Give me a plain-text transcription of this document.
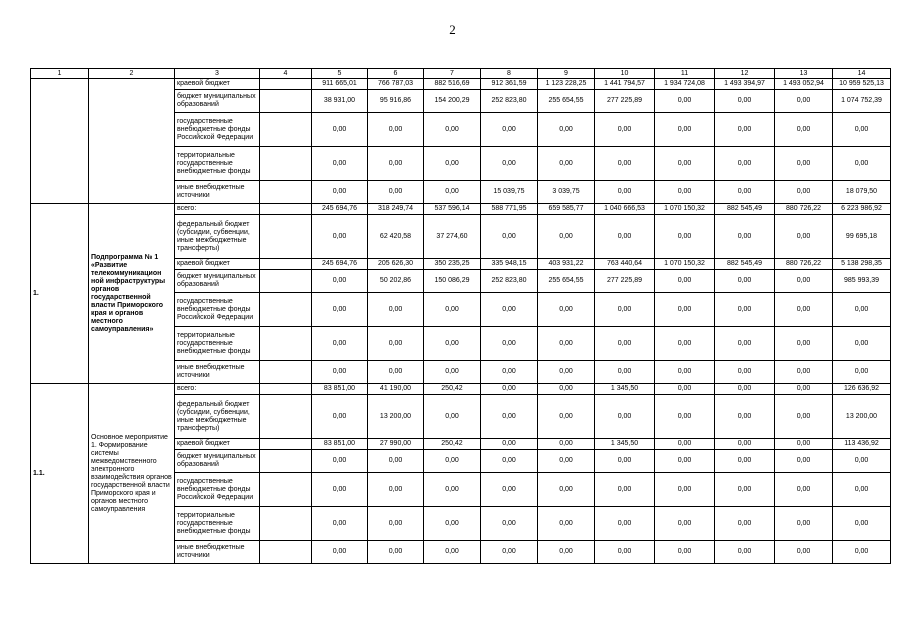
2
1	2	3	4	5	6	7	8	9	10	11	12	13	14
		краевой бюджет		911 665,01	766 787,03	882 516,69	912 361,59	1 123 228,25	1 441 794,57	1 934 724,08	1 493 394,97	1 493 052,94	10 959 525,13
		бюджет муниципальных образований		38 931,00	95 916,86	154 200,29	252 823,80	255 654,55	277 225,89	0,00	0,00	0,00	1 074 752,39
		государственные внебюджетные фонды Российской Федерации		0,00	0,00	0,00	0,00	0,00	0,00	0,00	0,00	0,00	0,00
		территориальные государственные внебюджетные фонды		0,00	0,00	0,00	0,00	0,00	0,00	0,00	0,00	0,00	0,00
		иные внебюджетные источники		0,00	0,00	0,00	15 039,75	3 039,75	0,00	0,00	0,00	0,00	18 079,50
1.	Подпрограмма № 1 «Развитие телекоммуникацион ной инфраструктуры органов государственной власти Приморского края и органов местного самоуправления»	всего:		245 694,76	318 249,74	537 596,14	588 771,95	659 585,77	1 040 666,53	1 070 150,32	882 545,49	880 726,22	6 223 986,92
		федеральный бюджет (субсидии, субвенции, иные межбюджетные трансферты)		0,00	62 420,58	37 274,60	0,00	0,00	0,00	0,00	0,00	0,00	99 695,18
		краевой бюджет		245 694,76	205 626,30	350 235,25	335 948,15	403 931,22	763 440,64	1 070 150,32	882 545,49	880 726,22	5 138 298,35
		бюджет муниципальных образований		0,00	50 202,86	150 086,29	252 823,80	255 654,55	277 225,89	0,00	0,00	0,00	985 993,39
		государственные внебюджетные фонды Российской Федерации		0,00	0,00	0,00	0,00	0,00	0,00	0,00	0,00	0,00	0,00
		территориальные государственные внебюджетные фонды		0,00	0,00	0,00	0,00	0,00	0,00	0,00	0,00	0,00	0,00
		иные внебюджетные источники		0,00	0,00	0,00	0,00	0,00	0,00	0,00	0,00	0,00	0,00
1.1.	Основное мероприятие 1. Формирование системы межведомственного электронного взаимодействия органов государственной власти Приморского края и органов местного самоуправления	всего:		83 851,00	41 190,00	250,42	0,00	0,00	1 345,50	0,00	0,00	0,00	126 636,92
		федеральный бюджет (субсидии, субвенции, иные межбюджетные трансферты)		0,00	13 200,00	0,00	0,00	0,00	0,00	0,00	0,00	0,00	13 200,00
		краевой бюджет		83 851,00	27 990,00	250,42	0,00	0,00	1 345,50	0,00	0,00	0,00	113 436,92
		бюджет муниципальных образований		0,00	0,00	0,00	0,00	0,00	0,00	0,00	0,00	0,00	0,00
		государственные внебюджетные фонды Российской Федерации		0,00	0,00	0,00	0,00	0,00	0,00	0,00	0,00	0,00	0,00
		территориальные государственные внебюджетные фонды		0,00	0,00	0,00	0,00	0,00	0,00	0,00	0,00	0,00	0,00
		иные внебюджетные источники		0,00	0,00	0,00	0,00	0,00	0,00	0,00	0,00	0,00	0,00
